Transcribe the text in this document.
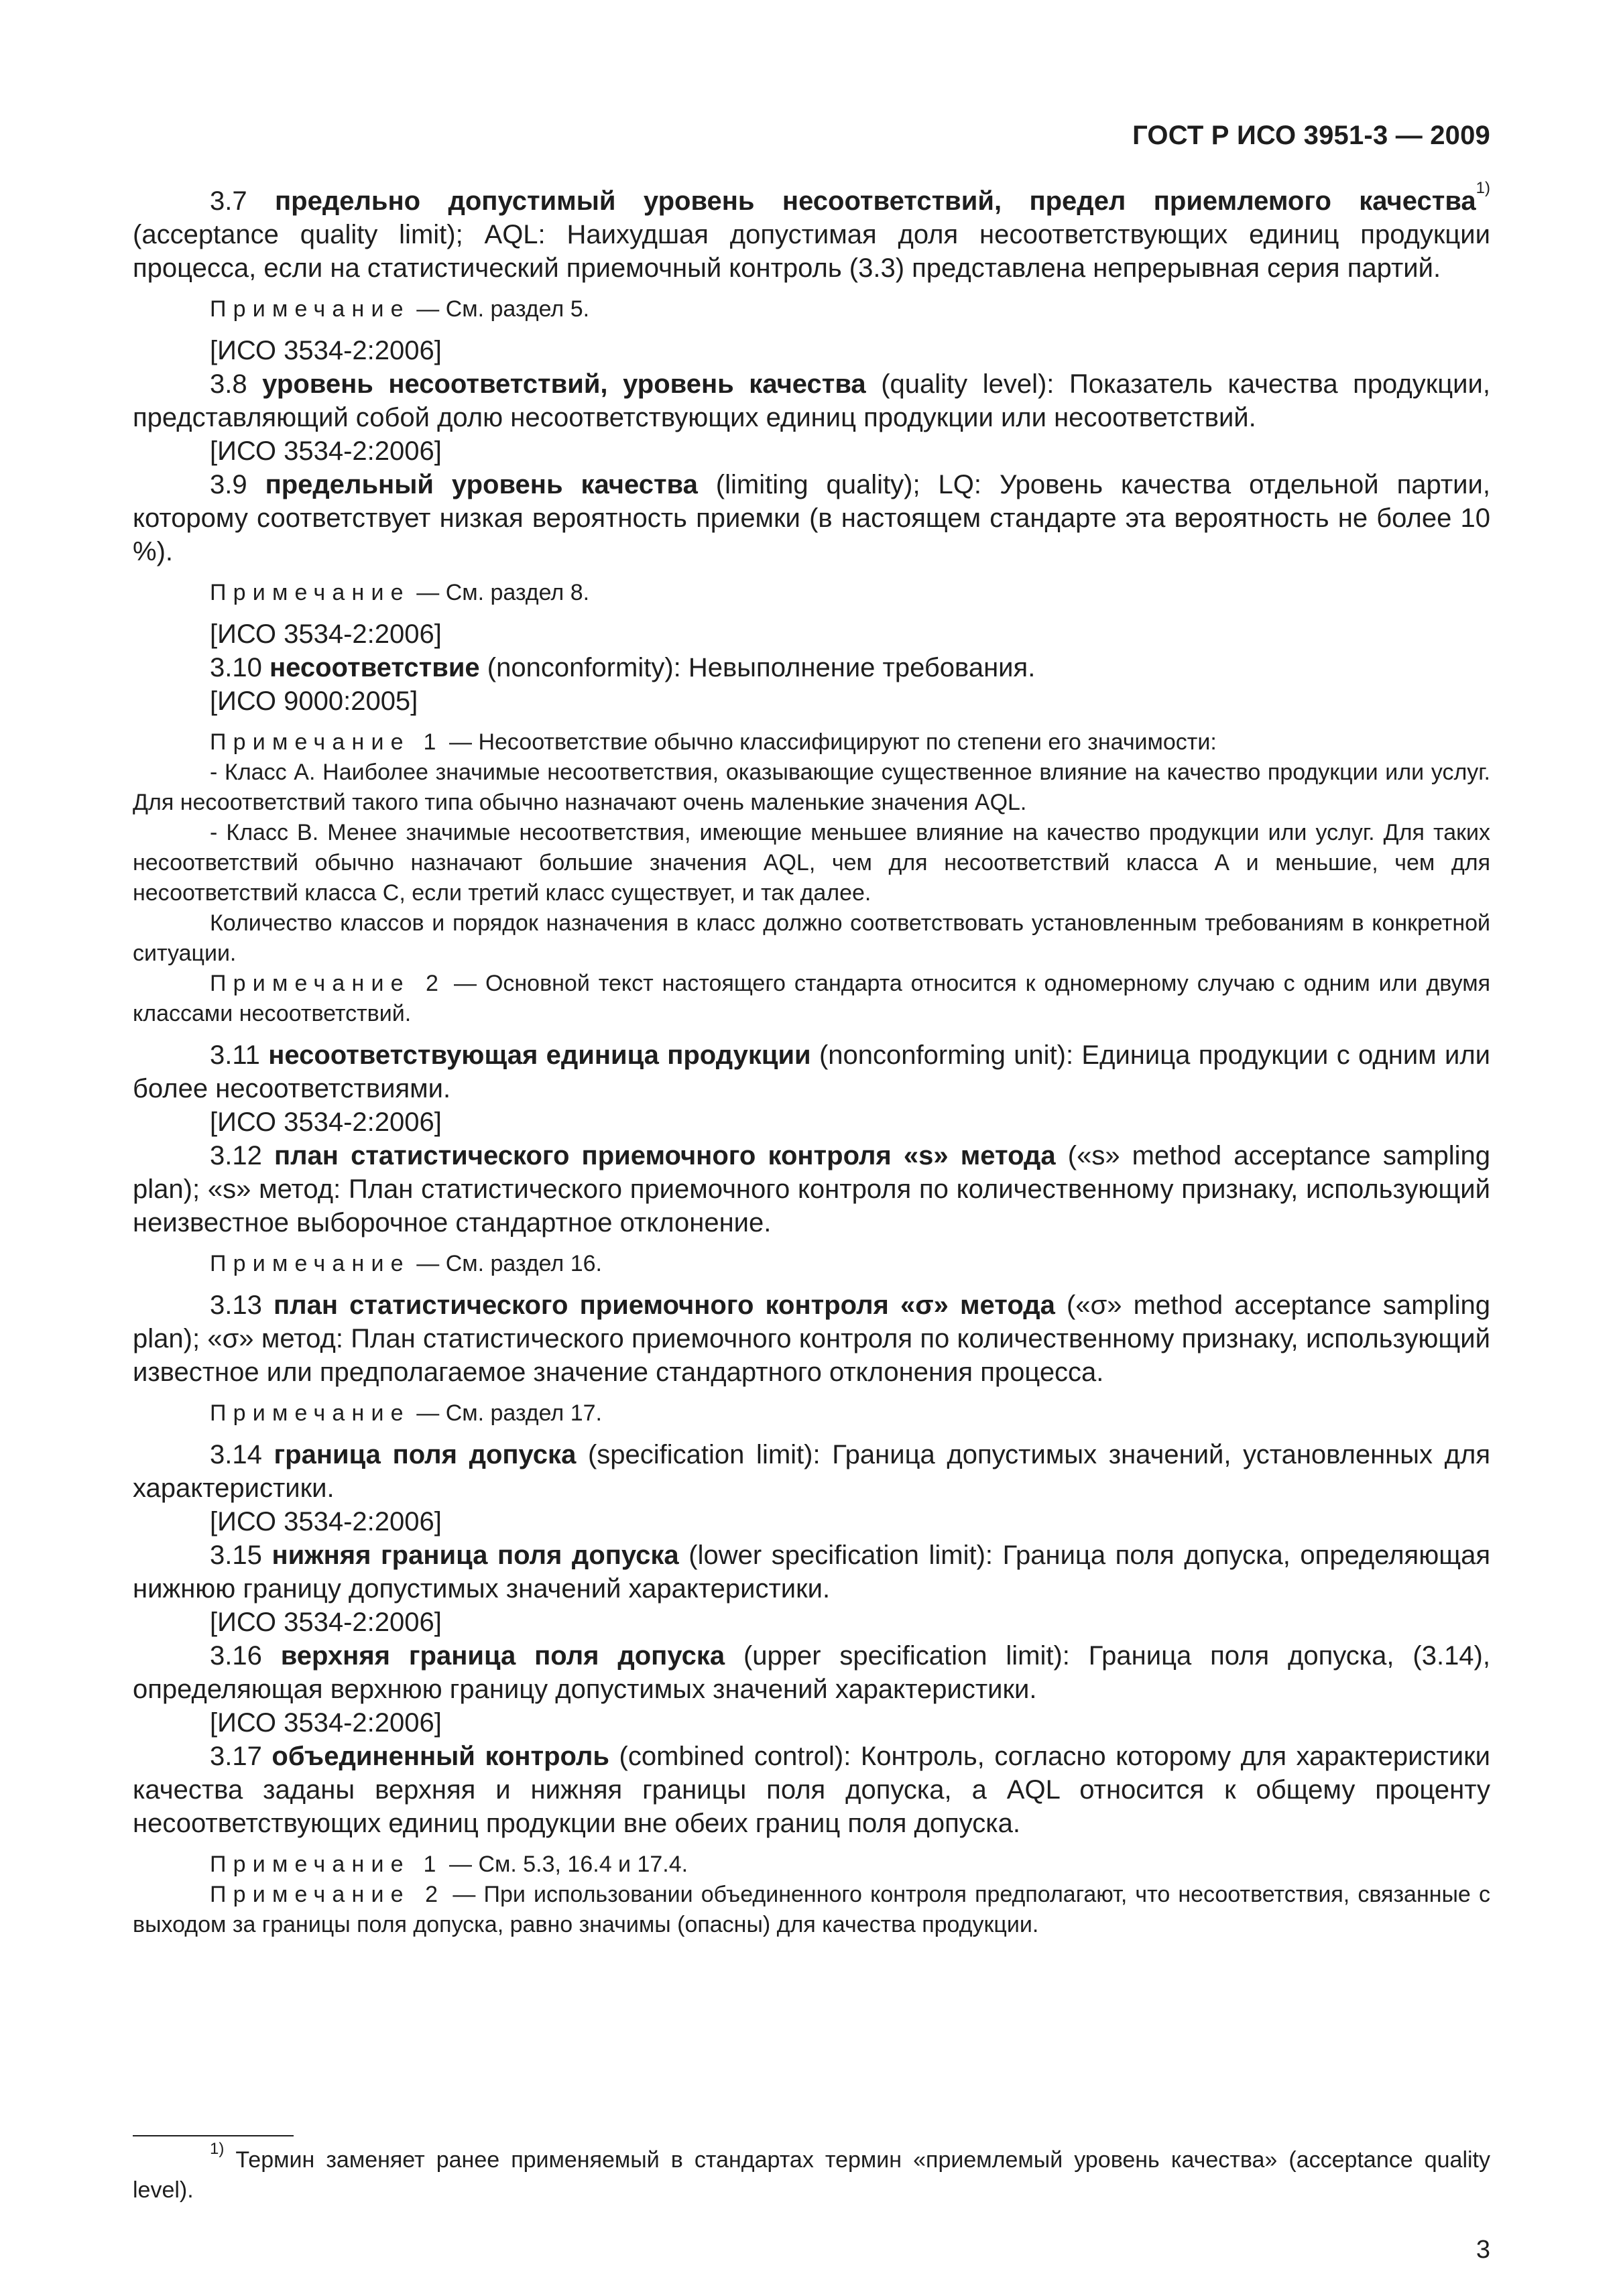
ГОСТ Р ИСО 3951-3 — 2009

3.7 предельно допустимый уровень несоответствий, предел приемлемого качества$^{1)}$ (acceptance quality limit); AQL: Наихудшая допустимая доля несоответствующих единиц продукции процесса, если на статистический приемочный контроль (3.3) представлена непрерывная серия партий.

Примечание — См. раздел 5.

[ИСО 3534-2:2006]

3.8 уровень несоответствий, уровень качества (quality level): Показатель качества продукции, представляющий собой долю несоответствующих единиц продукции или несоответствий.

[ИСО 3534-2:2006]

3.9 предельный уровень качества (limiting quality); LQ: Уровень качества отдельной партии, которому соответствует низкая вероятность приемки (в настоящем стандарте эта вероятность не более 10 %).

Примечание — См. раздел 8.

[ИСО 3534-2:2006]

3.10 несоответствие (nonconformity): Невыполнение требования.

[ИСО 9000:2005]

Примечание 1 — Несоответствие обычно классифицируют по степени его значимости:

- Класс А. Наиболее значимые несоответствия, оказывающие существенное влияние на качество продукции или услуг. Для несоответствий такого типа обычно назначают очень маленькие значения AQL.

- Класс В. Менее значимые несоответствия, имеющие меньшее влияние на качество продукции или услуг. Для таких несоответствий обычно назначают большие значения AQL, чем для несоответствий класса А и меньшие, чем для несоответствий класса С, если третий класс существует, и так далее.

Количество классов и порядок назначения в класс должно соответствовать установленным требованиям в конкретной ситуации.

Примечание 2 — Основной текст настоящего стандарта относится к одномерному случаю с одним или двумя классами несоответствий.

3.11 несоответствующая единица продукции (nonconforming unit): Единица продукции с одним или более несоответствиями.

[ИСО 3534-2:2006]

3.12 план статистического приемочного контроля «s» метода («s» method acceptance sampling plan); «s» метод: План статистического приемочного контроля по количественному признаку, использующий неизвестное выборочное стандартное отклонение.

Примечание — См. раздел 16.

3.13 план статистического приемочного контроля «σ» метода («σ» method acceptance sampling plan); «σ» метод: План статистического приемочного контроля по количественному признаку, использующий известное или предполагаемое значение стандартного отклонения процесса.

Примечание — См. раздел 17.

3.14 граница поля допуска (specification limit): Граница допустимых значений, установленных для характеристики.

[ИСО 3534-2:2006]

3.15 нижняя граница поля допуска (lower specification limit): Граница поля допуска, определяющая нижнюю границу допустимых значений характеристики.

[ИСО 3534-2:2006]

3.16 верхняя граница поля допуска (upper specification limit): Граница поля допуска, (3.14), определяющая верхнюю границу допустимых значений характеристики.

[ИСО 3534-2:2006]

3.17 объединенный контроль (combined control): Контроль, согласно которому для характеристики качества заданы верхняя и нижняя границы поля допуска, а AQL относится к общему проценту несоответствующих единиц продукции вне обеих границ поля допуска.

Примечание 1 — См. 5.3, 16.4 и 17.4.

Примечание 2 — При использовании объединенного контроля предполагают, что несоответствия, связанные с выходом за границы поля допуска, равно значимы (опасны) для качества продукции.

$^{1)}$ Термин заменяет ранее применяемый в стандартах термин «приемлемый уровень качества» (acceptance quality level).

3
